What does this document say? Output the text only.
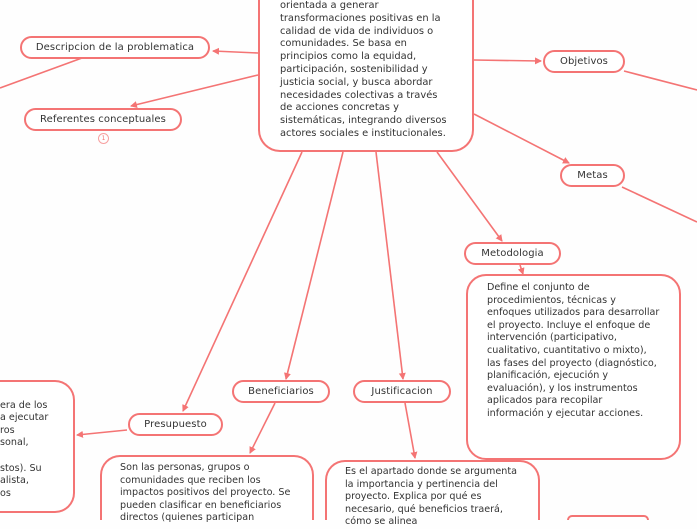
orientada a generar transformaciones positivas en la calidad de vida de individuos o comunidades. Se basa en principios como la equidad, participación, sostenibilidad y justicia social, y busca abordar necesidades colectivas a través de acciones concretas y sistemáticas, integrando diversos actores sociales e institucionales.
Descripcion de la problematica
Referentes conceptuales
1
Objetivos
Metas
Metodologia
Beneficiarios	Justificacion
Presupuesto
Define el conjunto de procedimientos, técnicas y enfoques utilizados para desarrollar el proyecto. Incluye el enfoque de intervención (participativo, cualitativo, cuantitativo o mixto), las fases del proyecto (diagnóstico, planificación, ejecución y evaluación), y los instrumentos aplicados para recopilar información y ejecutar acciones.
Son las personas, grupos o comunidades que reciben los impactos positivos del proyecto. Se pueden clasificar en beneficiarios directos (quienes participan
Es el apartado donde se argumenta la importancia y pertinencia del proyecto. Explica por qué es necesario, qué beneficios traerá, cómo se alinea

era de los
a ejecutar
ros
sonal,

stos). Su
alista,
os
